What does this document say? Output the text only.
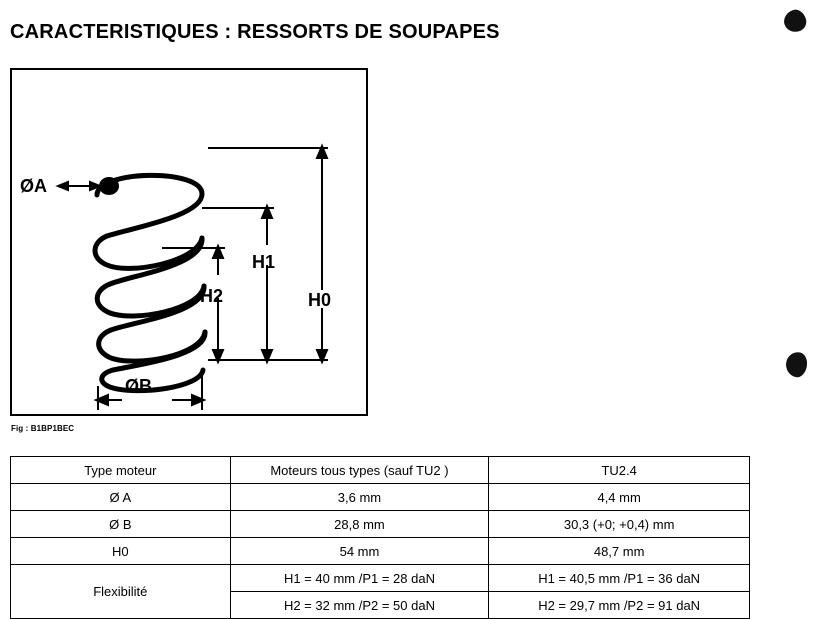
CARACTERISTIQUES : RESSORTS DE SOUPAPES
ØA
H0
H1
H2
ØB
Fig : B1BP1BEC
Type moteur	Moteurs tous types (sauf TU2 )	TU2.4
Ø A	3,6 mm	4,4 mm
Ø B	28,8 mm	30,3 (+0; +0,4) mm
H0	54 mm	48,7 mm
Flexibilité	H1 = 40 mm /P1 = 28 daN	H1 = 40,5 mm /P1 = 36 daN
	H2 = 32 mm /P2 = 50 daN	H2 = 29,7 mm /P2 = 91 daN
